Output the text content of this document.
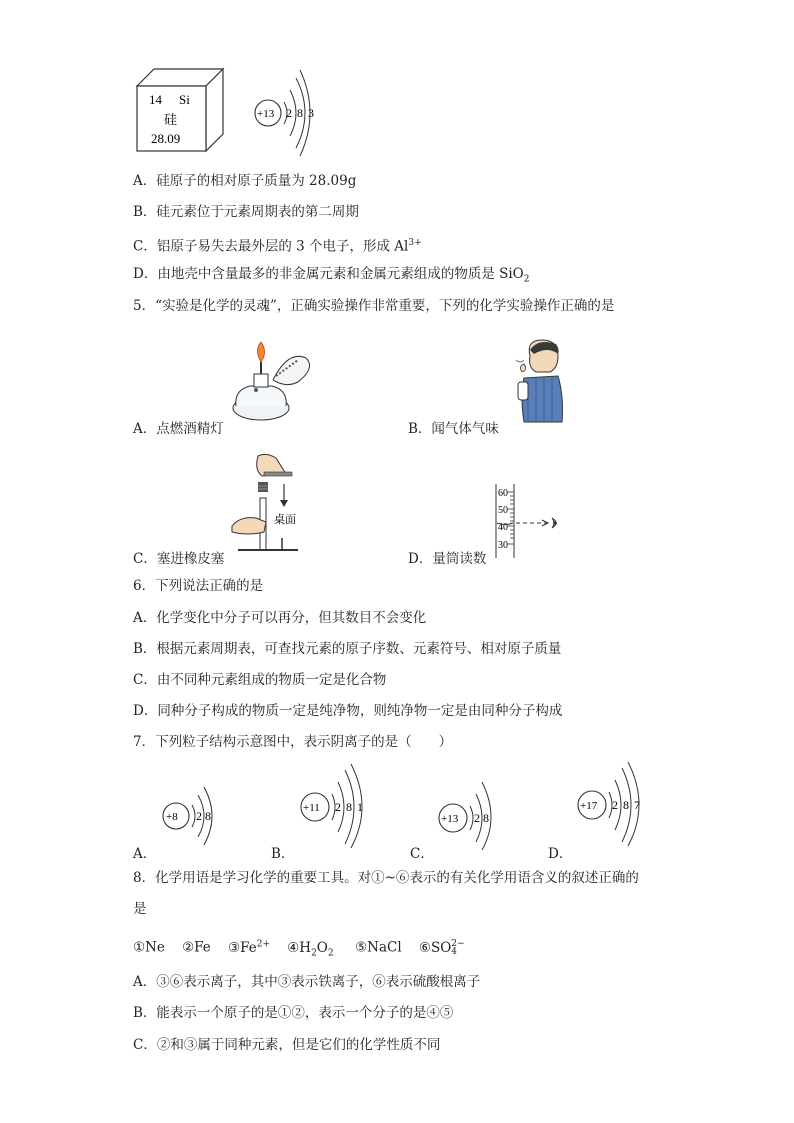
14 Si
硅
28.09
+13 2 8 3
A．硅原子的相对原子质量为 28.09g
B．硅元素位于元素周期表的第二周期
C．铝原子易失去最外层的 3 个电子，形成 $Al^{3+}$
D．由地壳中含量最多的非金属元素和金属元素组成的物质是 SiO$_2$
5．“实验是化学的灵魂”，正确实验操作非常重要，下列的化学实验操作正确的是
A．点燃酒精灯	B．闻气体气味
桌面
C．塞进橡皮塞
60
50
40
30
D．量筒读数
6．下列说法正确的是
A．化学变化中分子可以再分，但其数目不会变化
B．根据元素周期表，可查找元素的原子序数、元素符号、相对原子质量
C．由不同种元素组成的物质一定是化合物
D．同种分子构成的物质一定是纯净物，则纯净物一定是由同种分子构成
7．下列粒子结构示意图中，表示阴离子的是（　　）
+8 2 8
A．
+11 2 8 1
B．
+13 2 8
C．
+17 2 8 7
D．
8．化学用语是学习化学的重要工具。对①~⑥表示的有关化学用语含义的叙述正确的
是
①Ne ②Fe $③Fe^{2+}$ $④H_2O_2$ ⑤NaCl ⑥SO 2−
4
A．③⑥表示离子，其中③表示铁离子，⑥表示硫酸根离子
B．能表示一个原子的是①②，表示一个分子的是④⑤
C．②和③属于同种元素，但是它们的化学性质不同
